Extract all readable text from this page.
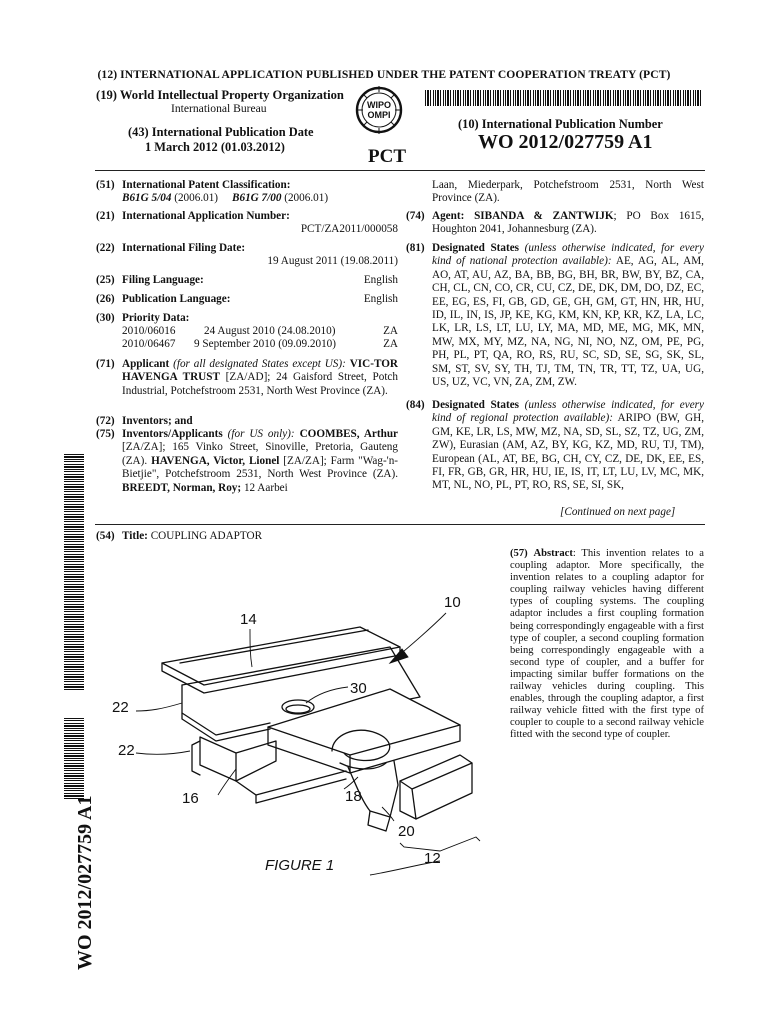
(12) INTERNATIONAL APPLICATION PUBLISHED UNDER THE PATENT COOPERATION TREATY (PCT)
(19) World Intellectual Property Organization
International Bureau	WIPO
OMPI
(43) International Publication Date
1 March 2012 (01.03.2012)	PCT
(10) International Publication Number
WO 2012/027759 A1
WO 2012/027759 A1
(51) International Patent Classification:
B61G 5/04 (2006.01) B61G 7/00 (2006.01)
(21) International Application Number:

PCT/ZA2011/000058
(22) International Filing Date:

19 August 2011 (19.08.2011)
(25) Filing Language:	English
(26) Publication Language:	English
(30) Priority Data:
2010/06016	24 August 2010 (24.08.2010)	ZA
2010/06467 9 September 2010 (09.09.2010)	ZA
(71) Applicant (for all designated States except US): VIC-TOR HAVENGA TRUST [ZA/AD]; 24 Gaisford Street, Potch Industrial, Potchefstroom 2531, North West Province (ZA).
(72) Inventors; and
(75) Inventors/Applicants (for US only): COOMBES, Arthur [ZA/ZA]; 165 Vinko Street, Sinoville, Pretoria, Gauteng (ZA). HAVENGA, Victor, Lionel [ZA/ZA]; Farm "Wag-'n-Bietjie", Potchefstroom 2531, North West Province (ZA). BREEDT, Norman, Roy; 12 Aarbei
Laan, Miederpark, Potchefstroom 2531, North West Province (ZA).
(74) Agent: SIBANDA & ZANTWIJK; PO Box 1615, Houghton 2041, Johannesburg (ZA).
(81) Designated States (unless otherwise indicated, for every kind of national protection available): AE, AG, AL, AM, AO, AT, AU, AZ, BA, BB, BG, BH, BR, BW, BY, BZ, CA, CH, CL, CN, CO, CR, CU, CZ, DE, DK, DM, DO, DZ, EC, EE, EG, ES, FI, GB, GD, GE, GH, GM, GT, HN, HR, HU, ID, IL, IN, IS, JP, KE, KG, KM, KN, KP, KR, KZ, LA, LC, LK, LR, LS, LT, LU, LY, MA, MD, ME, MG, MK, MN, MW, MX, MY, MZ, NA, NG, NI, NO, NZ, OM, PE, PG, PH, PL, PT, QA, RO, RS, RU, SC, SD, SE, SG, SK, SL, SM, ST, SV, SY, TH, TJ, TM, TN, TR, TT, TZ, UA, UG, US, UZ, VC, VN, ZA, ZM, ZW.
(84) Designated States (unless otherwise indicated, for every kind of regional protection available): ARIPO (BW, GH, GM, KE, LR, LS, MW, MZ, NA, SD, SL, SZ, TZ, UG, ZM, ZW), Eurasian (AM, AZ, BY, KG, KZ, MD, RU, TJ, TM), European (AL, AT, BE, BG, CH, CY, CZ, DE, DK, EE, ES, FI, FR, GB, GR, HR, HU, IE, IS, IT, LT, LU, LV, MC, MK, MT, NL, NO, PL, PT, RO, RS, SE, SI, SK,
[Continued on next page]
(54) Title: COUPLING ADAPTOR
(57) Abstract: This invention relates to a coupling adaptor. More specifically, the invention relates to a coupling adaptor for coupling railway vehicles having different types of coupling systems. The coupling adaptor includes a first coupling formation being correspondingly engageable with a first type of coupler, a second coupling formation being correspondingly engageable with a second type of coupler, and a buffer for impacting similar buffer formations on the railway vehicles during coupling. This enables, through the coupling adaptor, a first railway vehicle fitted with the first type of coupler to couple to a second railway vehicle fitted with the second type of coupler.
10
14
30
22
22
16	18
20
12
FIGURE 1
